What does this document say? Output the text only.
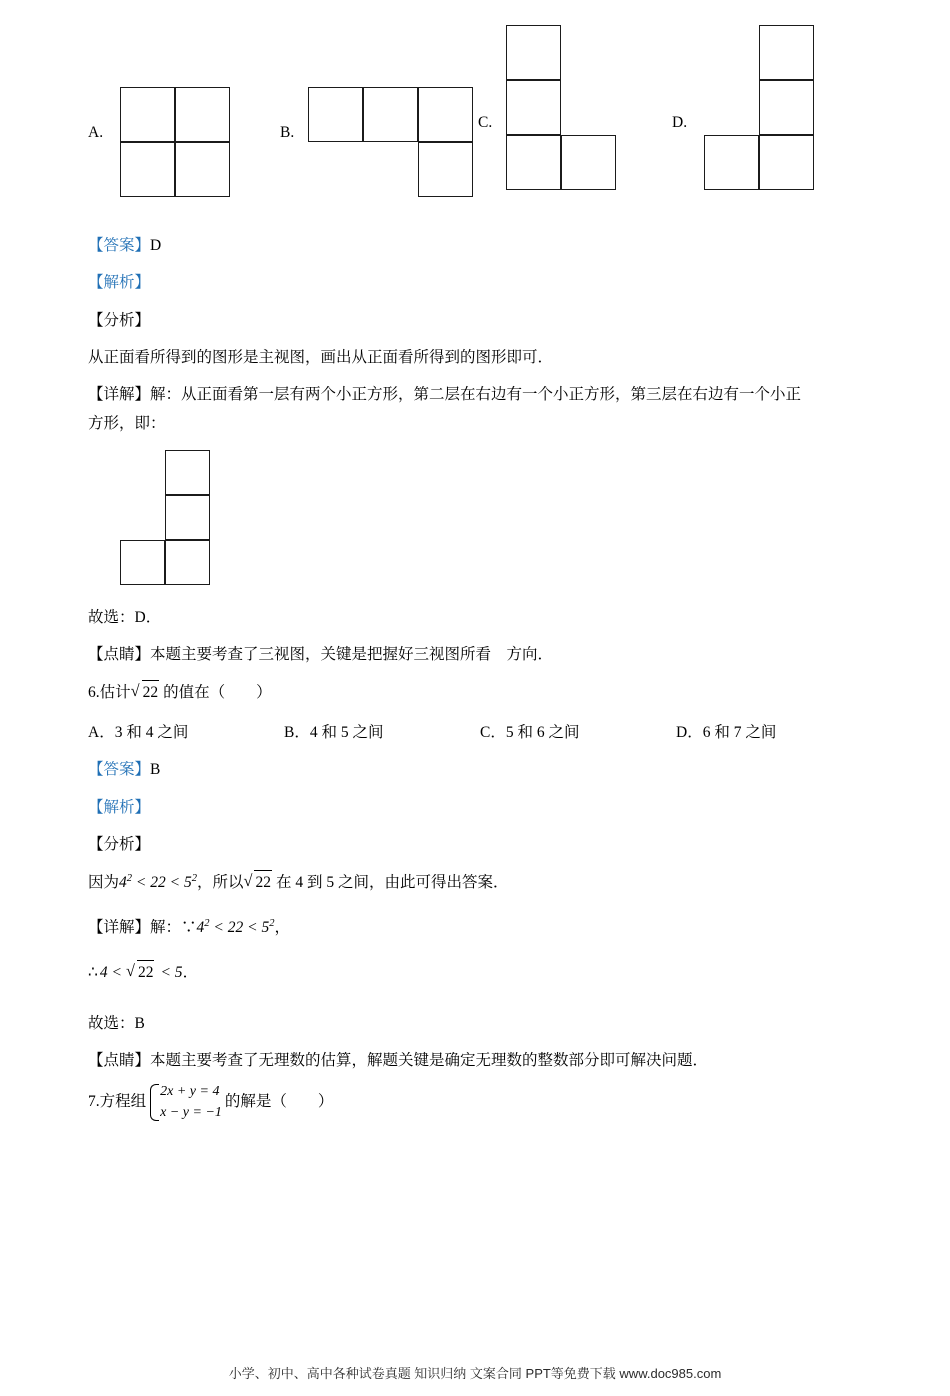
A.	B.
C.	D.

【答案】D

【解析】

【分析】

从正面看所得到的图形是主视图，画出从正面看所得到的图形即可．

【详解】解：从正面看第一层有两个小正方形，第二层在右边有一个小正方形，第三层在右边有一个小正

方形，即：

故选：D．

【点睛】本题主要考查了三视图，关键是把握好三视图所看　方向．

6.估计 √ 22 的值在（　　）

A．3 和 4 之间	B．4 和 5 之间	C．5 和 6 之间	D．6 和 7 之间

【答案】B

【解析】

【分析】

因为$4^2 < 22 < 5^2$，所以 √ 22 在 4 到 5 之间，由此可得出答案．

【详解】解：$\because 4^2 < 22 < 5^2$，

∴ 4 < √ 22 < 5．

故选：B

【点睛】本题主要考查了无理数的估算，解题关键是确定无理数的整数部分即可解决问题．

7.方程组2x + y = 4
x − y = −1的解是（　　）

小学、初中、高中各种试卷真题 知识归纳 文案合同 PPT等免费下载 www.doc985.com
